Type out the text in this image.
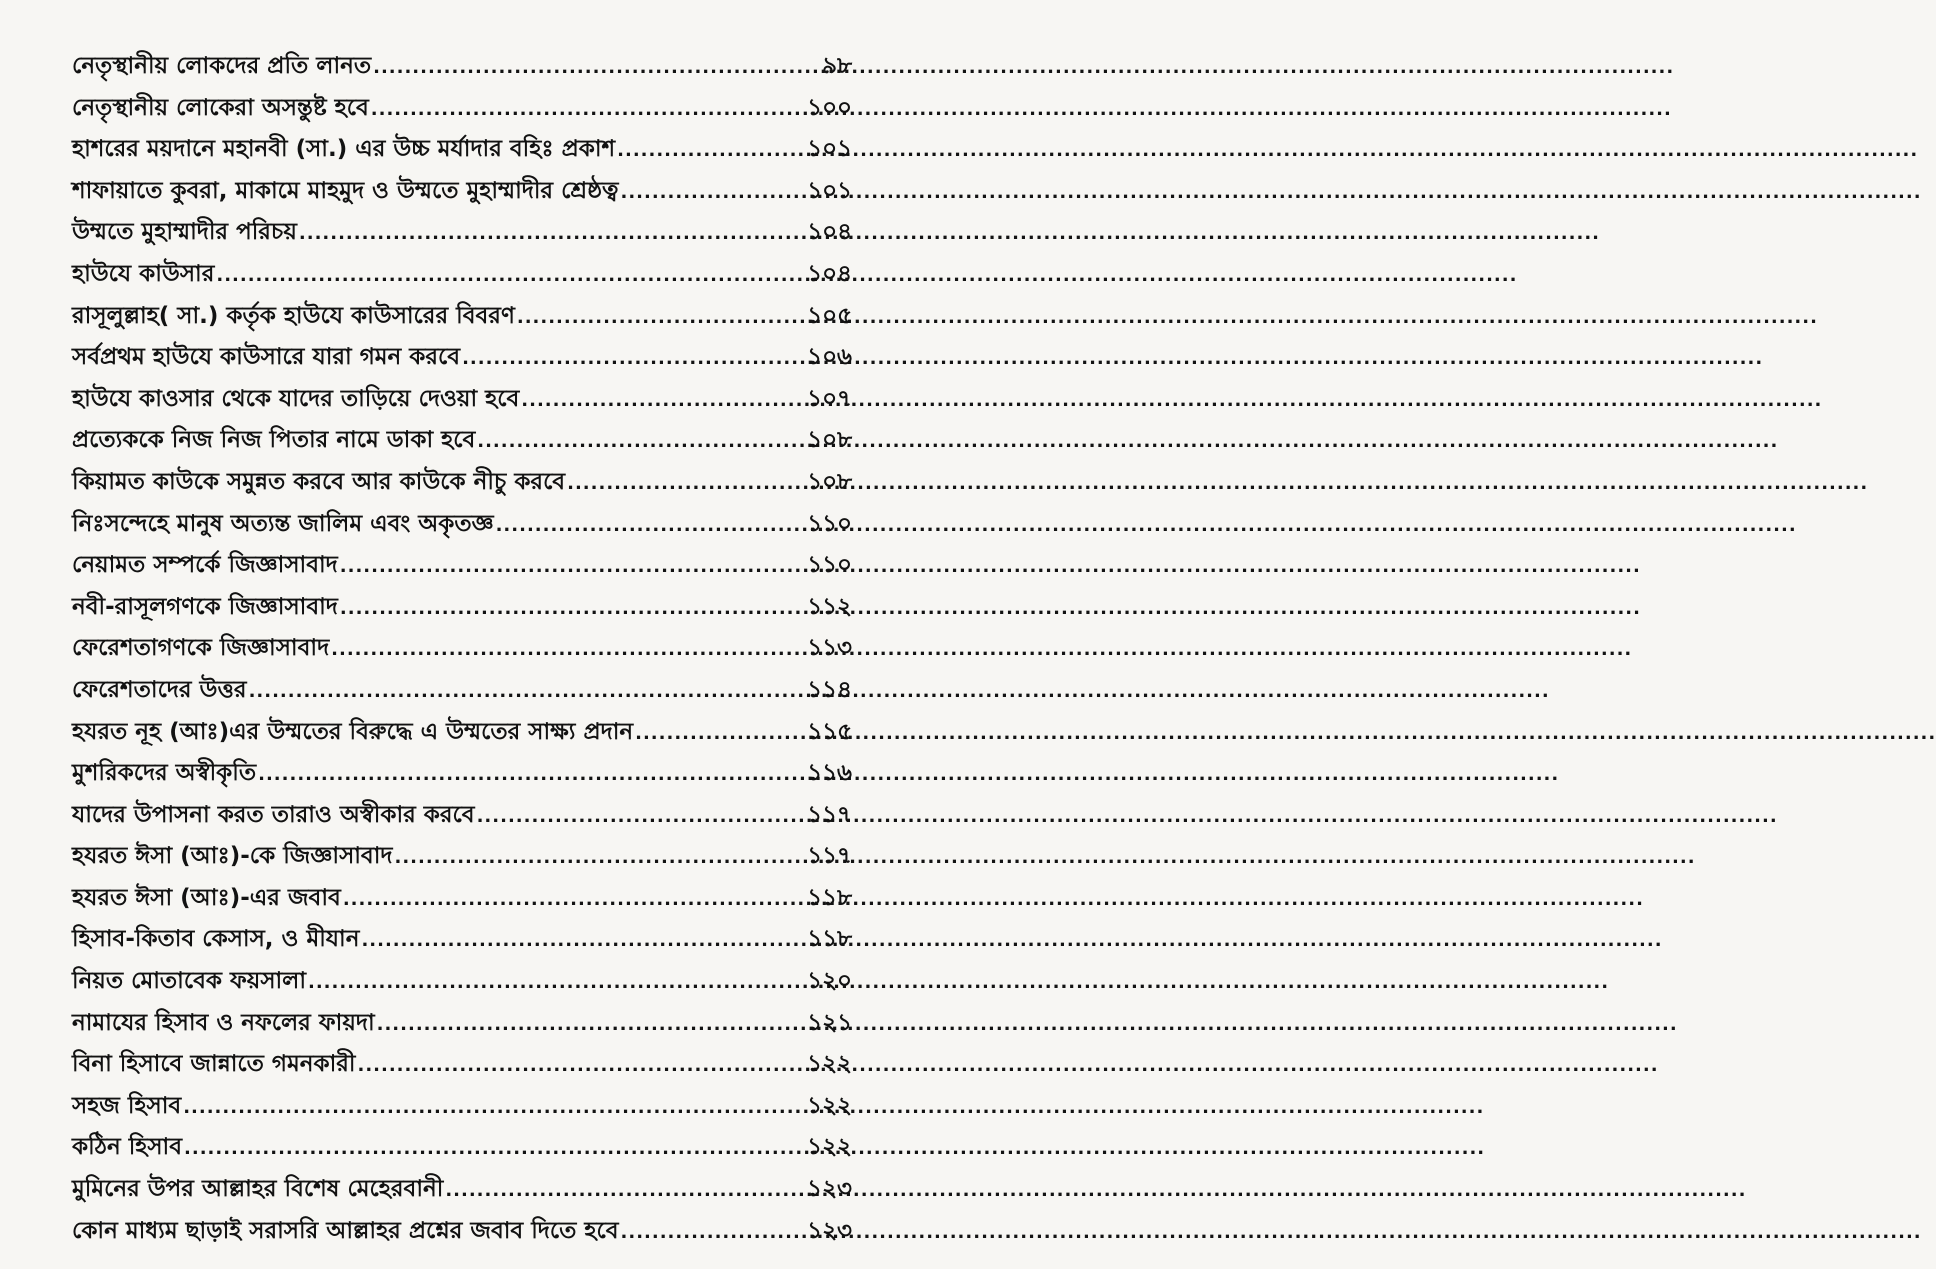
নেতৃস্থানীয় লোকদের প্রতি লানত .....	৯৮
নেতৃস্থানীয় লোকেরা অসন্তুষ্ট হবে .....	১০০
হাশরের ময়দানে মহানবী (সা.) এর উচ্চ মর্যাদার বহিঃ প্রকাশ .....	১০১
শাফায়াতে কুবরা, মাকামে মাহমুদ ও উম্মতে মুহাম্মাদীর শ্রেষ্ঠত্ব .....	১০১
উম্মতে মুহাম্মাদীর পরিচয় .....	১০৪
হাউযে কাউসার .....	১০৪
রাসূলুল্লাহ( সা.) কর্তৃক হাউযে কাউসারের বিবরণ .....	১০৫
সর্বপ্রথম হাউযে কাউসারে যারা গমন করবে .....	১০৬
হাউযে কাওসার থেকে যাদের তাড়িয়ে দেওয়া হবে .....	১০৭
প্রত্যেককে নিজ নিজ পিতার নামে ডাকা হবে .....	১০৮
কিয়ামত কাউকে সমুন্নত করবে আর কাউকে নীচু করবে .....	১০৮
নিঃসন্দেহে মানুষ অত্যন্ত জালিম এবং অকৃতজ্ঞ .....	১১০
নেয়ামত সম্পর্কে জিজ্ঞাসাবাদ .....	১১০
নবী-রাসূলগণকে জিজ্ঞাসাবাদ .....	১১২
ফেরেশতাগণকে জিজ্ঞাসাবাদ .....	১১৩
ফেরেশতাদের উত্তর .....	১১৪
হযরত নূহ (আঃ)এর উম্মতের বিরুদ্ধে এ উম্মতের সাক্ষ্য প্রদান .....	১১৫
মুশরিকদের অস্বীকৃতি .....	১১৬
যাদের উপাসনা করত তারাও অস্বীকার করবে .....	১১৭
হযরত ঈসা (আঃ)-কে জিজ্ঞাসাবাদ .....	১১৭
হযরত ঈসা (আঃ)-এর জবাব .....	১১৮
হিসাব-কিতাব কেসাস, ও মীযান .....	১১৮
নিয়ত মোতাবেক ফয়সালা .....	১২০
নামাযের হিসাব ও নফলের ফায়দা .....	১২১
বিনা হিসাবে জান্নাতে গমনকারী .....	১২২
সহজ হিসাব .....	১২২
কঠিন হিসাব .....	১২২
মুমিনের উপর আল্লাহর বিশেষ মেহেরবানী .....	১২৩
কোন মাধ্যম ছাড়াই সরাসরি আল্লাহর প্রশ্নের জবাব দিতে হবে .....	১২৩
